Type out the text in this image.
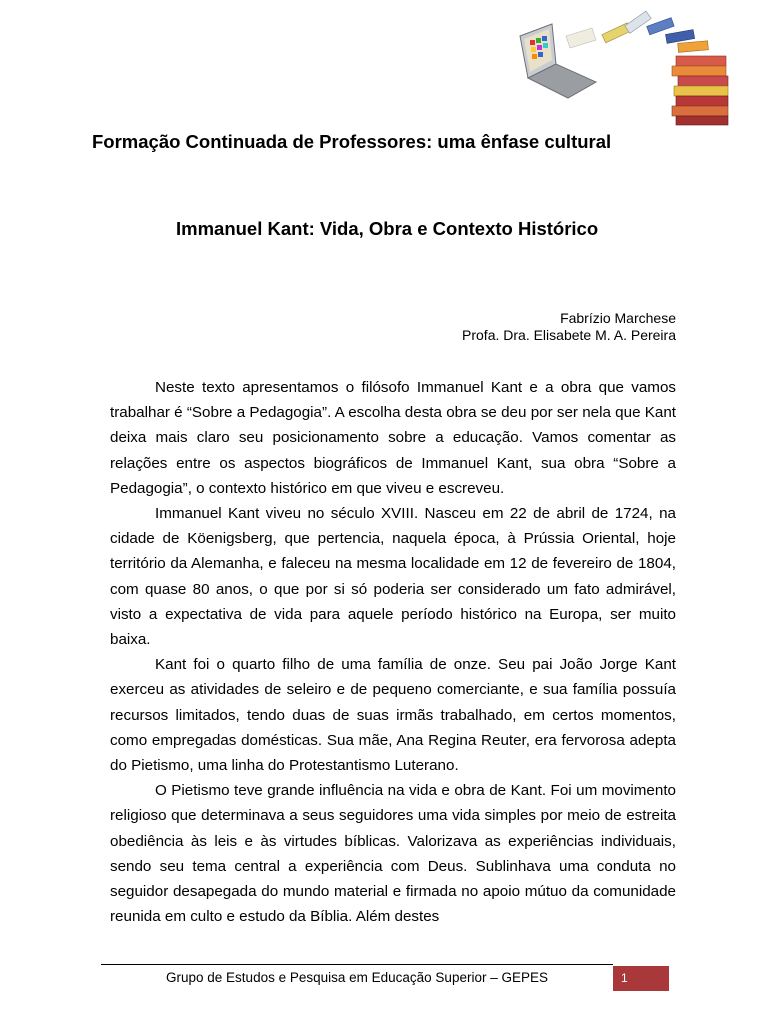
Formação Continuada de Professores: uma ênfase cultural
Immanuel Kant: Vida, Obra e Contexto Histórico
Fabrízio Marchese
Profa. Dra. Elisabete M. A. Pereira

Neste texto apresentamos o filósofo Immanuel Kant e a obra que vamos trabalhar é “Sobre a Pedagogia”. A escolha desta obra se deu por ser nela que Kant deixa mais claro seu posicionamento sobre a educação. Vamos comentar as relações entre os aspectos biográficos de Immanuel Kant, sua obra “Sobre a Pedagogia”, o contexto histórico em que viveu e escreveu.

Immanuel Kant viveu no século XVIII. Nasceu em 22 de abril de 1724, na cidade de Köenigsberg, que pertencia, naquela época, à Prússia Oriental, hoje território da Alemanha, e faleceu na mesma localidade em 12 de fevereiro de 1804, com quase 80 anos, o que por si só poderia ser considerado um fato admirável, visto a expectativa de vida para aquele período histórico na Europa, ser muito baixa.

Kant foi o quarto filho de uma família de onze. Seu pai João Jorge Kant exerceu as atividades de seleiro e de pequeno comerciante, e sua família possuía recursos limitados, tendo duas de suas irmãs trabalhado, em certos momentos, como empregadas domésticas. Sua mãe, Ana Regina Reuter, era fervorosa adepta do Pietismo, uma linha do Protestantismo Luterano.

O Pietismo teve grande influência na vida e obra de Kant. Foi um movimento religioso que determinava a seus seguidores uma vida simples por meio de estreita obediência às leis e às virtudes bíblicas. Valorizava as experiências individuais, sendo seu tema central a experiência com Deus. Sublinhava uma conduta no seguidor desapegada do mundo material e firmada no apoio mútuo da comunidade reunida em culto e estudo da Bíblia. Além destes

Grupo de Estudos e Pesquisa em Educação Superior – GEPES	1
